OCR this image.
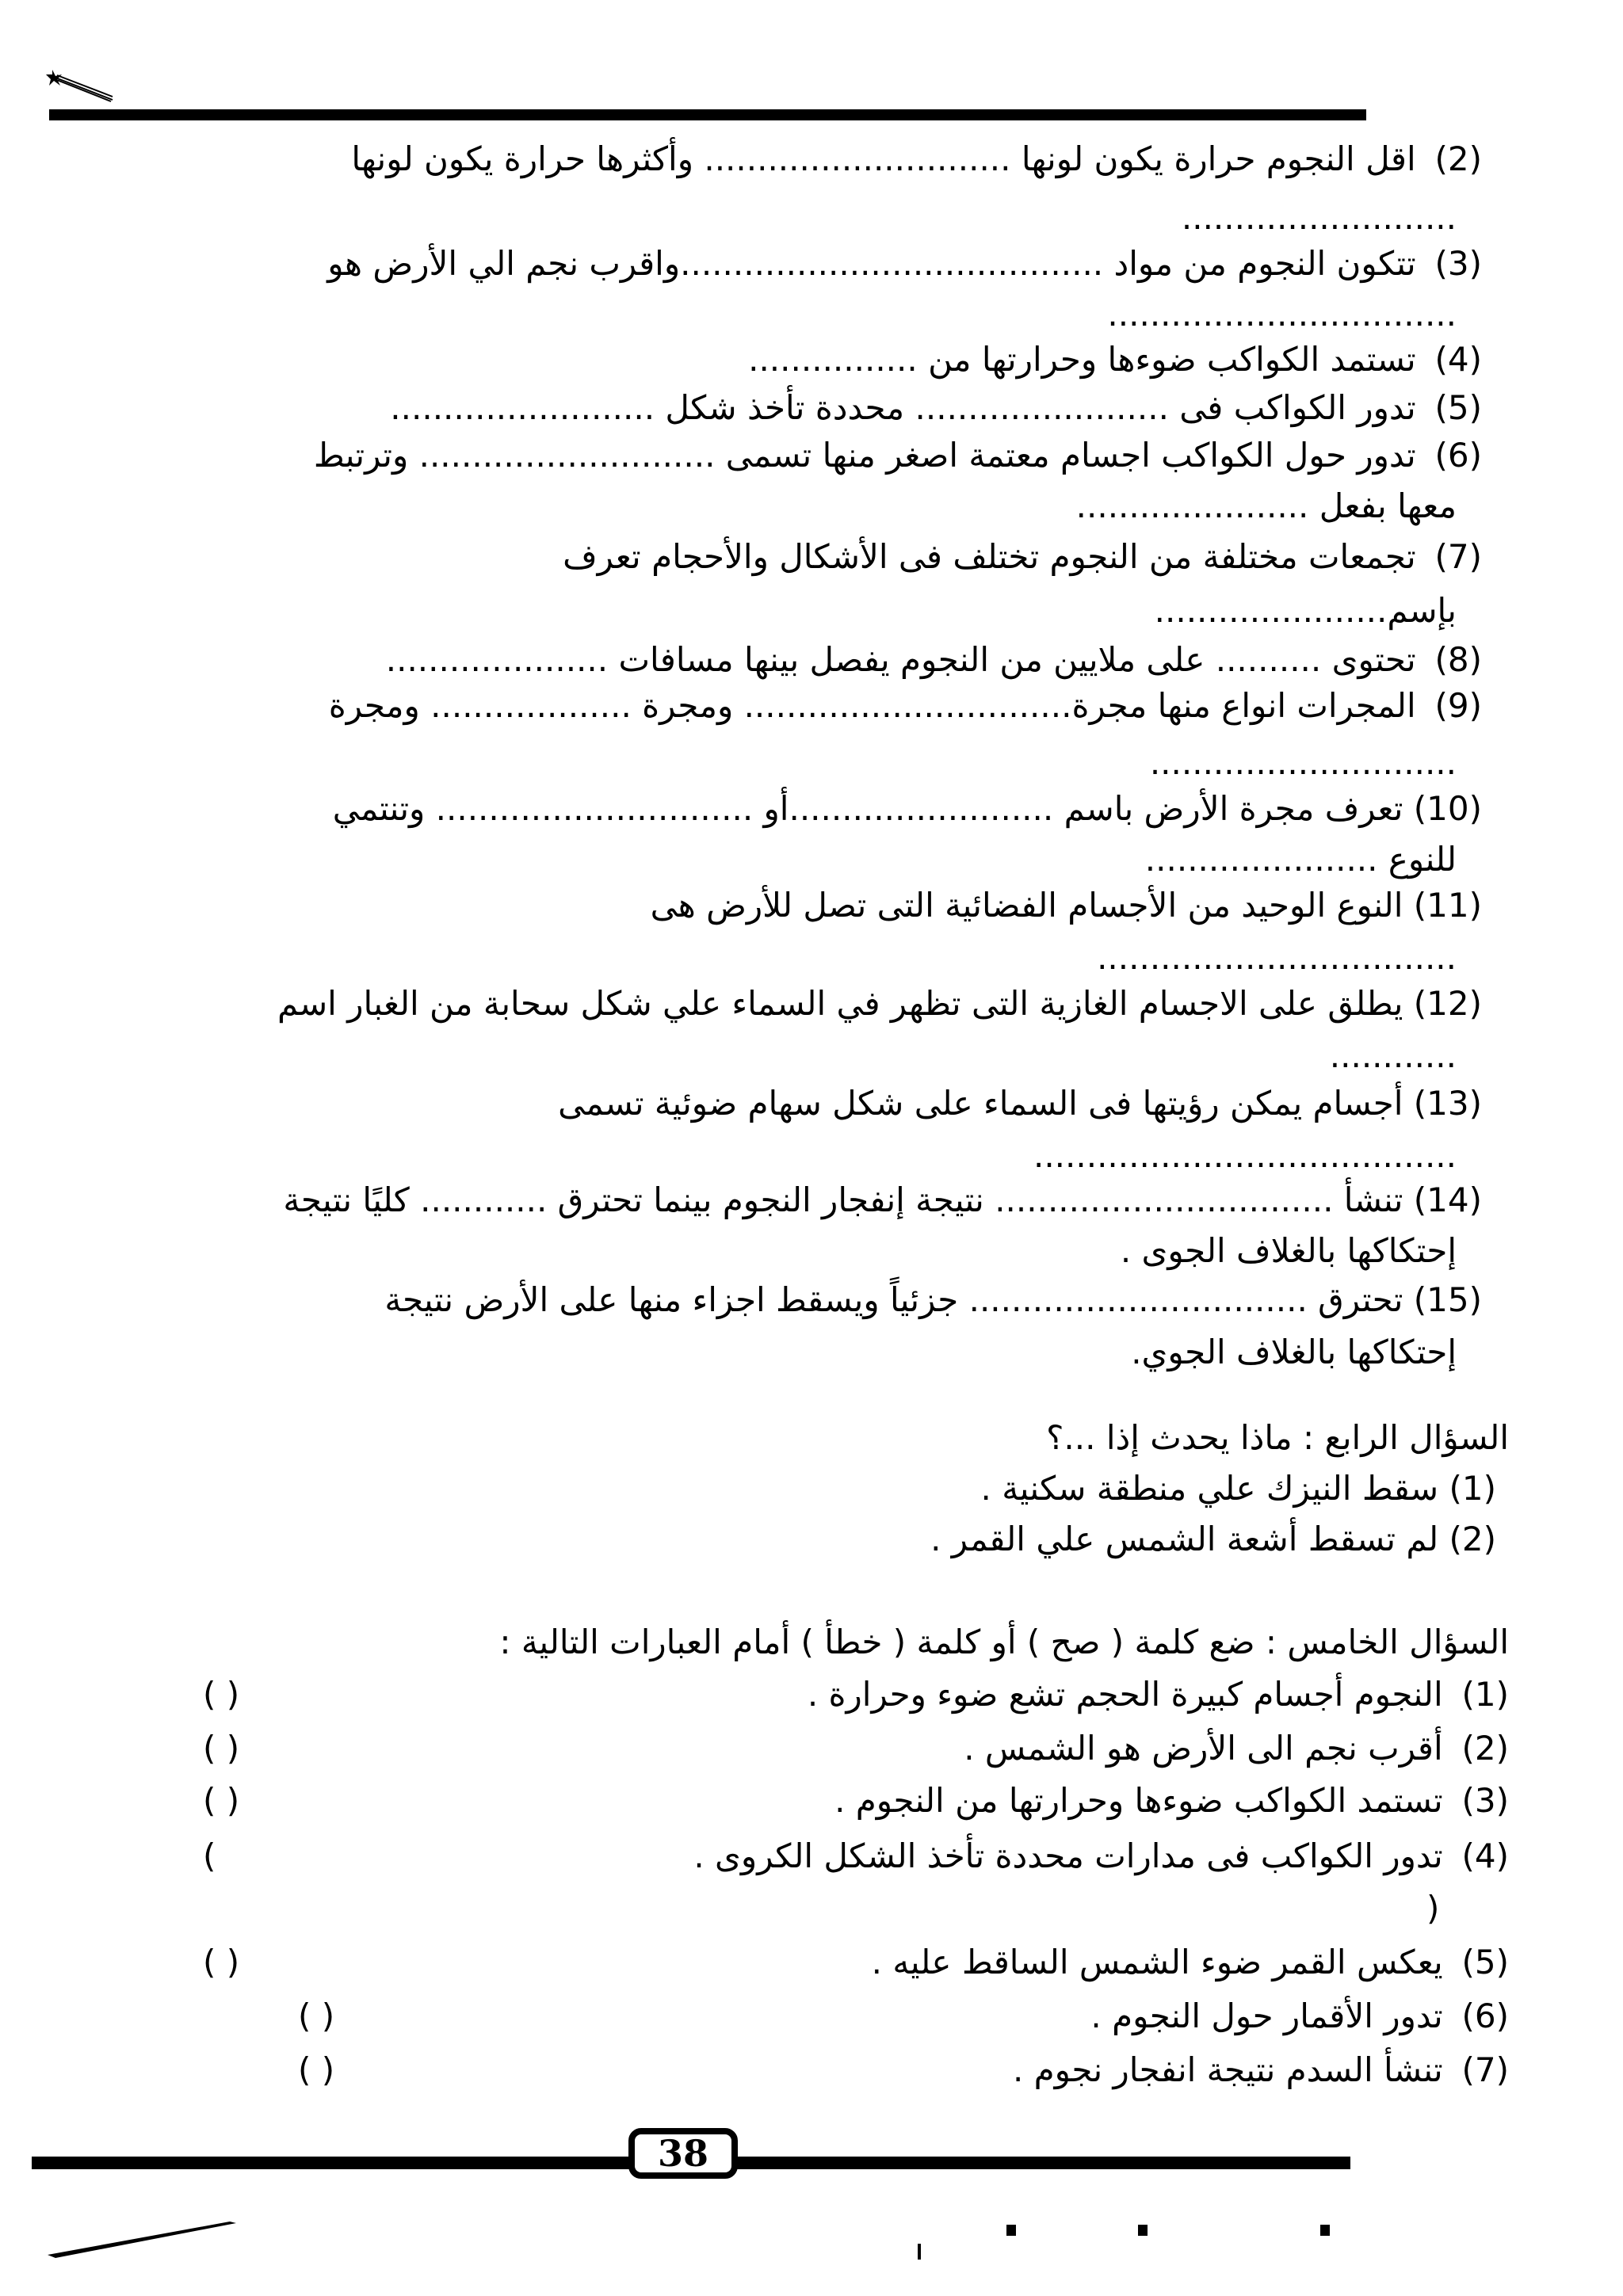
(2) اقل النجوم حرارة يكون لونها ............................. وأكثرها حرارة يكون لونها
..........................
(3) تتكون النجوم من مواد ........................................واقرب نجم الي الأرض هو
.................................
(4) تستمد الكواكب ضوءها وحرارتها من ................
(5) تدور الكواكب فى ........................ محددة تأخذ شكل .........................
(6) تدور حول الكواكب اجسام معتمة اصغر منها تسمى ............................ وترتبط
معها بفعل ......................
(7) تجمعات مختلفة من النجوم تختلف فى الأشكال والأحجام تعرف
بإسم......................
(8) تحتوى .......... على ملايين من النجوم يفصل بينها مسافات .....................
(9) المجرات انواع منها مجرة............................... ومجرة ................... ومجرة
.............................
(10) تعرف مجرة الأرض باسم .........................أو .............................. وتنتمي
للنوع ......................
(11) النوع الوحيد من الأجسام الفضائية التى تصل للأرض هى
..................................
(12) يطلق على الاجسام الغازية التى تظهر في السماء علي شكل سحابة من الغبار اسم
............
(13) أجسام يمكن رؤيتها فى السماء على شكل سهام ضوئية تسمى
........................................
(14) تنشأ ................................ نتيجة إنفجار النجوم بينما تحترق ............ كليًا نتيجة
إحتكاكها بالغلاف الجوى .
(15) تحترق ................................ جزئياً ويسقط اجزاء منها على الأرض نتيجة
إحتكاكها بالغلاف الجوي.
السؤال الرابع : ماذا يحدث إذا ...؟
(1) سقط النيزك علي منطقة سكنية .
(2) لم تسقط أشعة الشمس علي القمر .
السؤال الخامس : ضع كلمة ( صح ) أو كلمة ( خطأ ) أمام العبارات التالية :
(1) النجوم أجسام كبيرة الحجم تشع ضوء وحرارة .
( )
(2) أقرب نجم الى الأرض هو الشمس .
( )
(3) تستمد الكواكب ضوءها وحرارتها من النجوم .
( )
(4) تدور الكواكب فى مدارات محددة تأخذ الشكل الكروى .
(
)
(5) يعكس القمر ضوء الشمس الساقط عليه .
( )
(6) تدور الأقمار حول النجوم .
( )
(7) تنشأ السدم نتيجة انفجار نجوم .
( )
38
